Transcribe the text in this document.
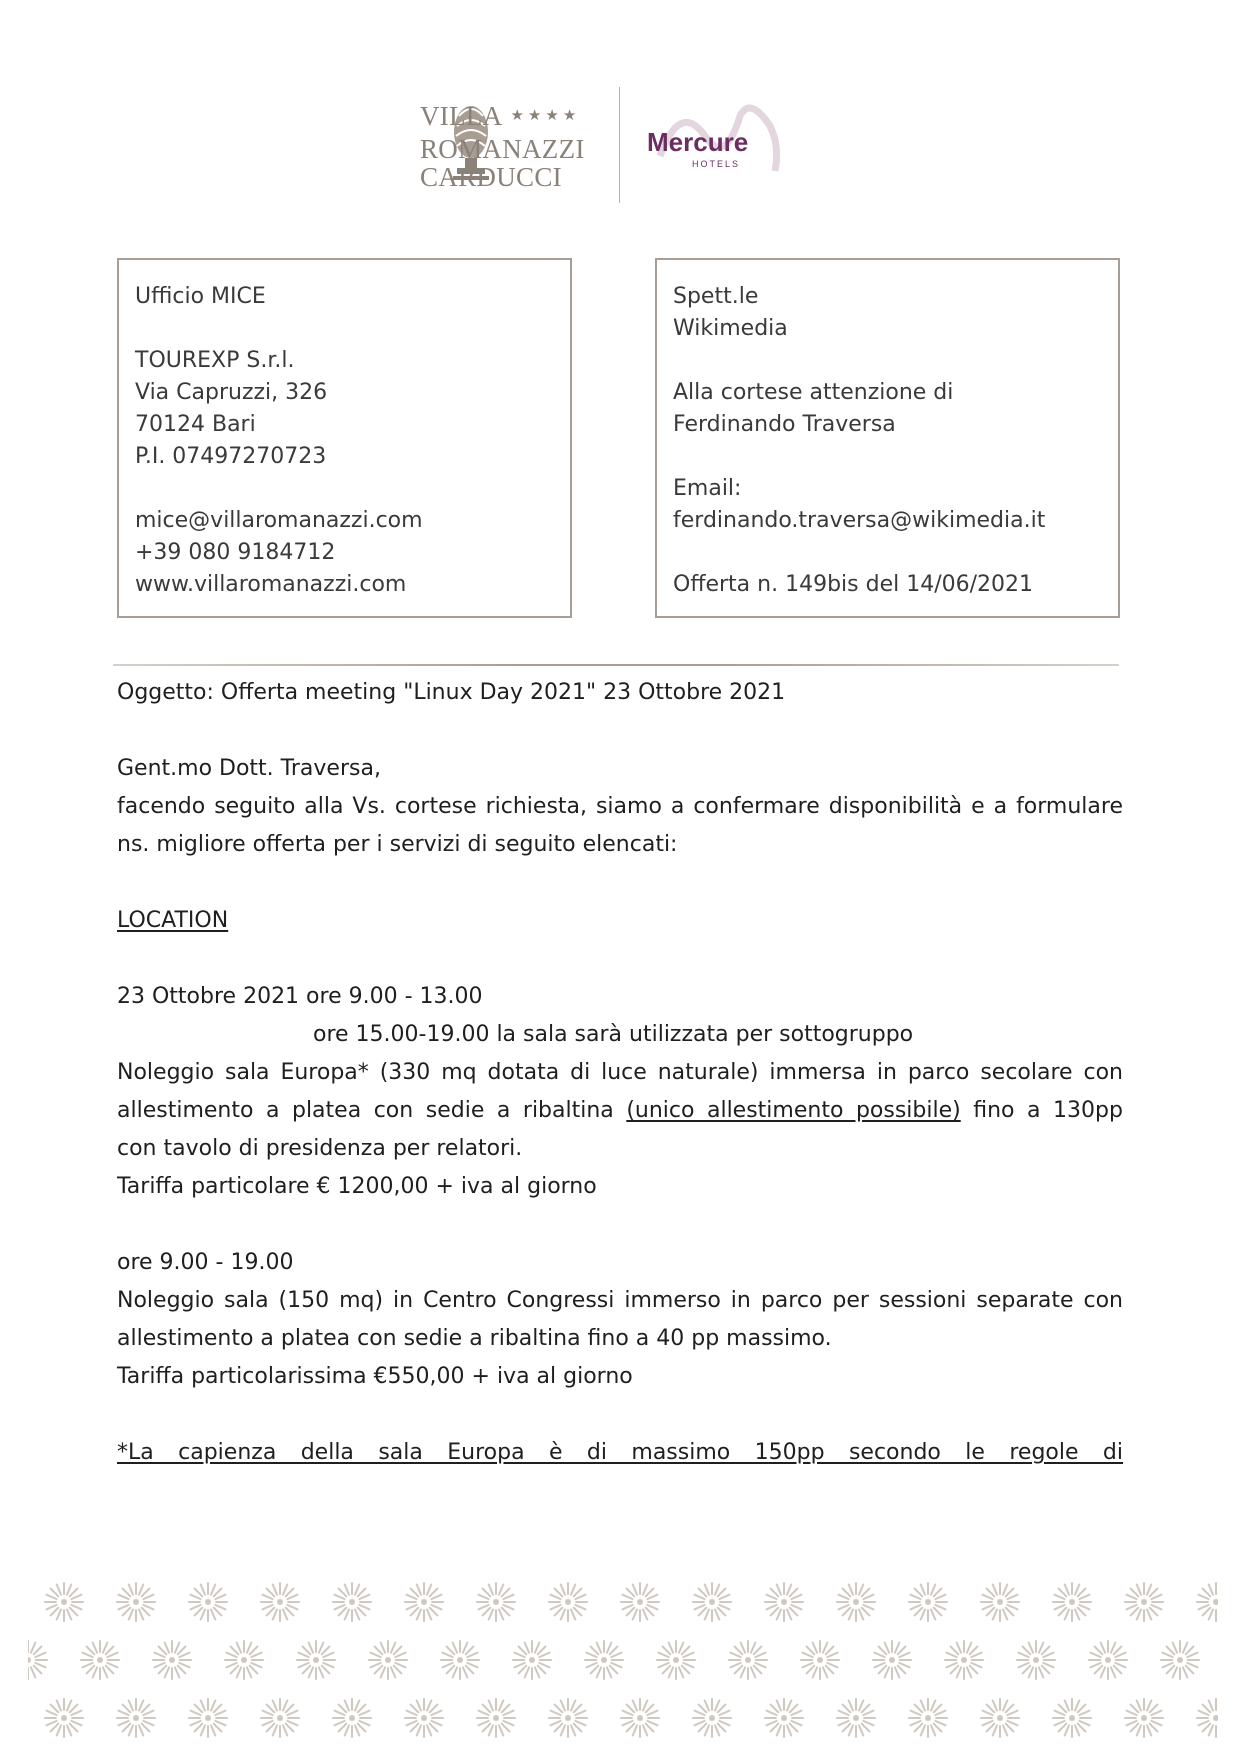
VILLA ★★★★
ROMANAZZI
CARDUCCI
Mercure
HOTELS
Ufficio MICE
TOUREXP S.r.l.
Via Capruzzi, 326
70124 Bari
P.I. 07497270723
mice@villaromanazzi.com
+39 080 9184712
www.villaromanazzi.com
Spett.le
Wikimedia
Alla cortese attenzione di
Ferdinando Traversa
Email:
ferdinando.traversa@wikimedia.it
Offerta n. 149bis del 14/06/2021
Oggetto: Offerta meeting "Linux Day 2021" 23 Ottobre 2021
Gent.mo Dott. Traversa,
facendo seguito alla Vs. cortese richiesta, siamo a confermare disponibilità e a formulare
ns. migliore offerta per i servizi di seguito elencati:
LOCATION
23 Ottobre 2021 ore 9.00 - 13.00
ore 15.00-19.00 la sala sarà utilizzata per sottogruppo
Noleggio sala Europa* (330 mq dotata di luce naturale) immersa in parco secolare con
allestimento a platea con sedie a ribaltina (unico allestimento possibile) fino a 130pp
con tavolo di presidenza per relatori.
Tariffa particolare € 1200,00 + iva al giorno
ore 9.00 - 19.00
Noleggio sala (150 mq) in Centro Congressi immerso in parco per sessioni separate con
allestimento a platea con sedie a ribaltina fino a 40 pp massimo.
Tariffa particolarissima €550,00 + iva al giorno
*La capienza della sala Europa è di massimo 150pp secondo le regole di
